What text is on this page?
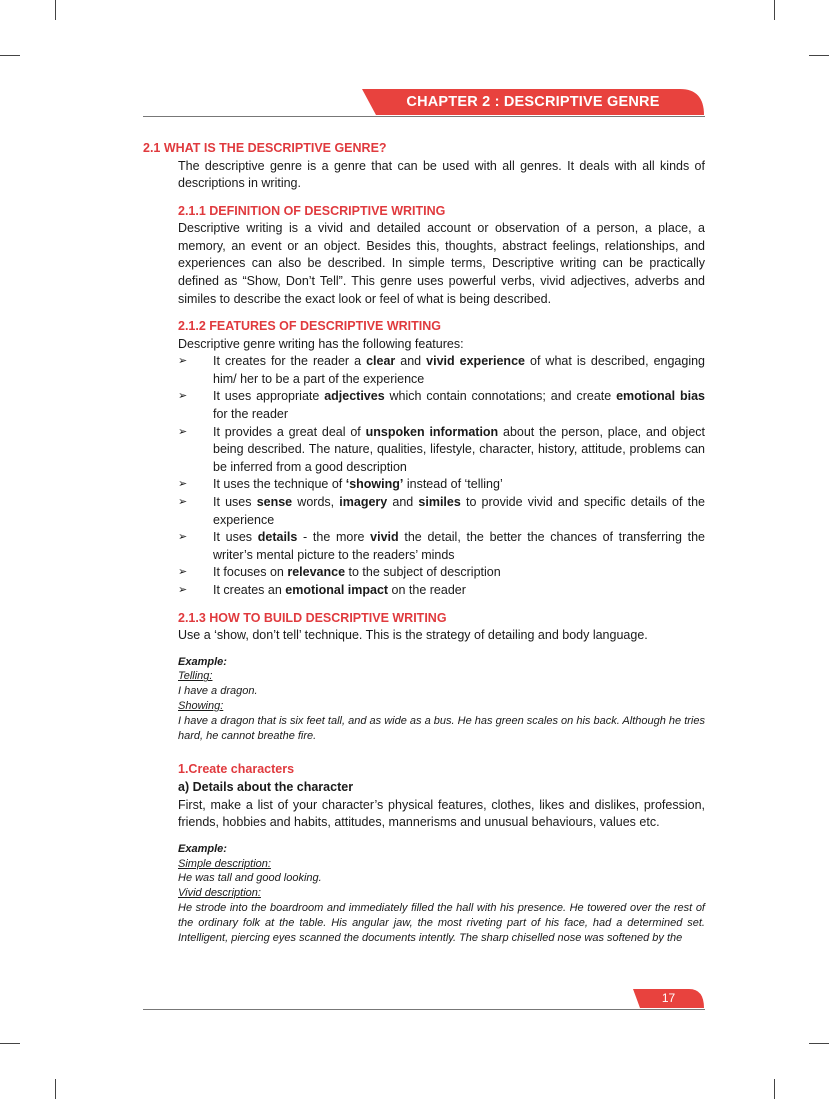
CHAPTER 2 : DESCRIPTIVE GENRE
2.1 WHAT IS THE DESCRIPTIVE GENRE?
The descriptive genre is a genre that can be used with all genres. It deals with all kinds of descriptions in writing.
2.1.1 DEFINITION OF DESCRIPTIVE WRITING
Descriptive writing is a vivid and detailed account or observation of a person, a place, a memory, an event or an object. Besides this, thoughts, abstract feelings, relationships, and experiences can also be described. In simple terms, Descriptive writing can be practically defined as “Show, Don’t Tell”. This genre uses powerful verbs, vivid adjectives, adverbs and similes to describe the exact look or feel of what is being described.
2.1.2 FEATURES OF DESCRIPTIVE WRITING
Descriptive genre writing has the following features:
➢ It creates for the reader a clear and vivid experience of what is described, engaging him/ her to be a part of the experience
➢ It uses appropriate adjectives which contain connotations; and create emotional bias for the reader
➢ It provides a great deal of unspoken information about the person, place, and object being described. The nature, qualities, lifestyle, character, history, attitude, problems can be inferred from a good description
➢ It uses the technique of ‘showing’ instead of ‘telling’
➢ It uses sense words, imagery and similes to provide vivid and specific details of the experience
➢ It uses details - the more vivid the detail, the better the chances of transferring the writer’s mental picture to the readers’ minds
➢ It focuses on relevance to the subject of description
➢ It creates an emotional impact on the reader
2.1.3 HOW TO BUILD DESCRIPTIVE WRITING
Use a ‘show, don’t tell’ technique. This is the strategy of detailing and body language.
Example:
Telling:
I have a dragon.
Showing:
I have a dragon that is six feet tall, and as wide as a bus. He has green scales on his back. Although he tries hard, he cannot breathe fire.
1.Create characters
a) Details about the character
First, make a list of your character’s physical features, clothes, likes and dislikes, profession, friends, hobbies and habits, attitudes, mannerisms and unusual behaviours, values etc.
Example:
Simple description:
He was tall and good looking.
Vivid description:
He strode into the boardroom and immediately filled the hall with his presence. He towered over the rest of the ordinary folk at the table. His angular jaw, the most riveting part of his face, had a determined set. Intelligent, piercing eyes scanned the documents intently. The sharp chiselled nose was softened by the
17
